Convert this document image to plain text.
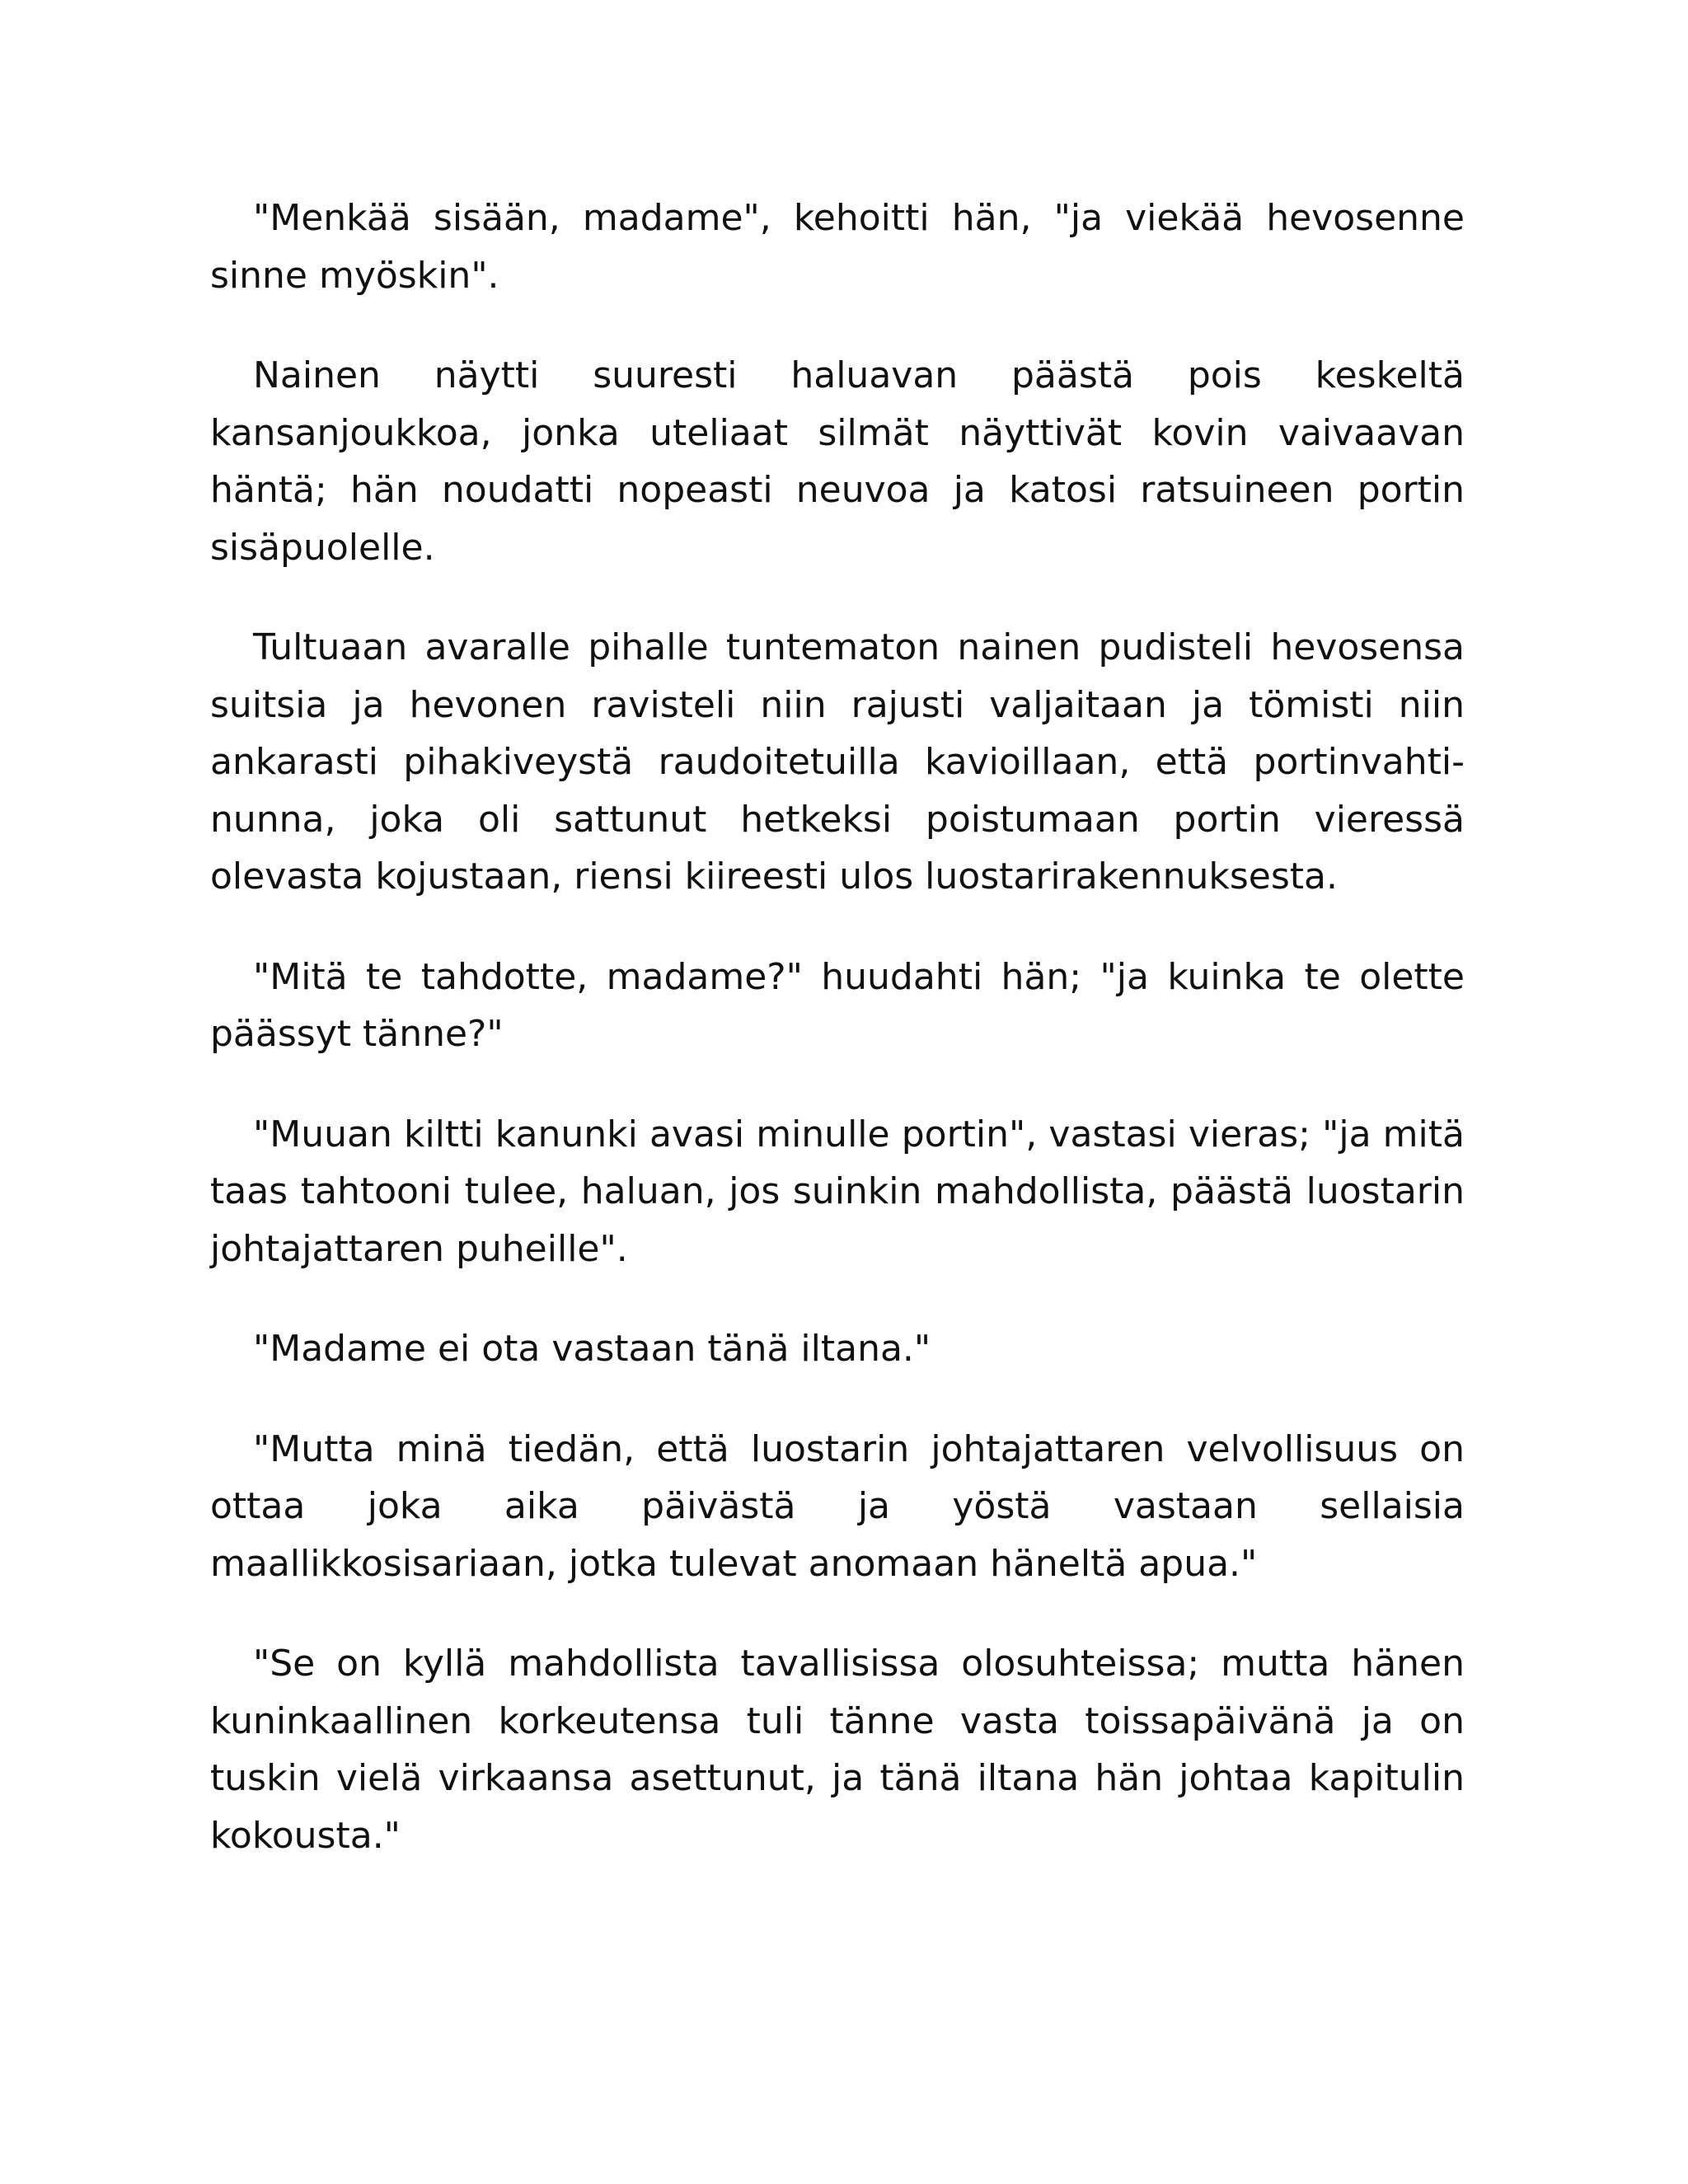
"Menkää sisään, madame", kehoitti hän, "ja viekää hevosenne sinne myöskin".

Nainen näytti suuresti haluavan päästä pois keskeltä kansanjoukkoa, jonka uteliaat silmät näyttivät kovin vaivaavan häntä; hän noudatti nopeasti neuvoa ja katosi ratsuineen portin sisäpuolelle.

Tultuaan avaralle pihalle tuntematon nainen pudisteli hevosensa suitsia ja hevonen ravisteli niin rajusti valjaitaan ja tömisti niin ankarasti pihakiveystä raudoitetuilla kavioillaan, että portinvahtinunna, joka oli sattunut hetkeksi poistumaan portin vieressä olevasta kojustaan, riensi kiireesti ulos luostarirakennuksesta.

"Mitä te tahdotte, madame?" huudahti hän; "ja kuinka te olette päässyt tänne?"

"Muuan kiltti kanunki avasi minulle portin", vastasi vieras; "ja mitä taas tahtooni tulee, haluan, jos suinkin mahdollista, päästä luostarin johtajattaren puheille".

"Madame ei ota vastaan tänä iltana."

"Mutta minä tiedän, että luostarin johtajattaren velvollisuus on ottaa joka aika päivästä ja yöstä vastaan sellaisia maallikkosisariaan, jotka tulevat anomaan häneltä apua."

"Se on kyllä mahdollista tavallisissa olosuhteissa; mutta hänen kuninkaallinen korkeutensa tuli tänne vasta toissapäivänä ja on tuskin vielä virkaansa asettunut, ja tänä iltana hän johtaa kapitulin kokousta."
